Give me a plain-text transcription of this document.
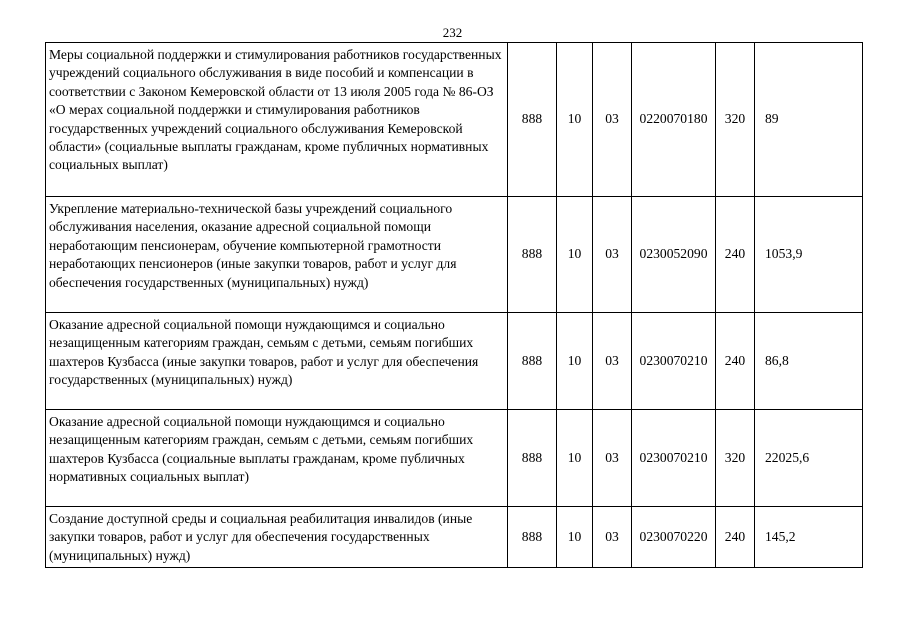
232
Меры социальной поддержки и стимулирования работников государственных учреждений социального обслуживания в виде пособий и компенсации в соответствии с Законом Кемеровской области от 13 июля 2005 года № 86-ОЗ «О мерах социальной поддержки и стимулирования работников государственных учреждений социального обслуживания Кемеровской области» (социальные выплаты гражданам, кроме публичных нормативных социальных выплат)	888	10	03	0220070180	320	89
Укрепление материально-технической базы учреждений социального обслуживания населения, оказание адресной социальной помощи неработающим пенсионерам, обучение компьютерной грамотности неработающих пенсионеров (иные закупки товаров, работ и услуг для обеспечения государственных (муниципальных) нужд)	888	10	03	0230052090	240	1053,9
Оказание адресной социальной помощи нуждающимся и социально незащищенным категориям граждан, семьям с детьми, семьям погибших шахтеров Кузбасса (иные закупки товаров, работ и услуг для обеспечения государственных (муниципальных) нужд)	888	10	03	0230070210	240	86,8
Оказание адресной социальной помощи нуждающимся и социально незащищенным категориям граждан, семьям с детьми, семьям погибших шахтеров Кузбасса (социальные выплаты гражданам, кроме публичных нормативных социальных выплат)	888	10	03	0230070210	320	22025,6
Создание доступной среды и социальная реабилитация инвалидов (иные закупки товаров, работ и услуг для обеспечения государственных (муниципальных) нужд)	888	10	03	0230070220	240	145,2
